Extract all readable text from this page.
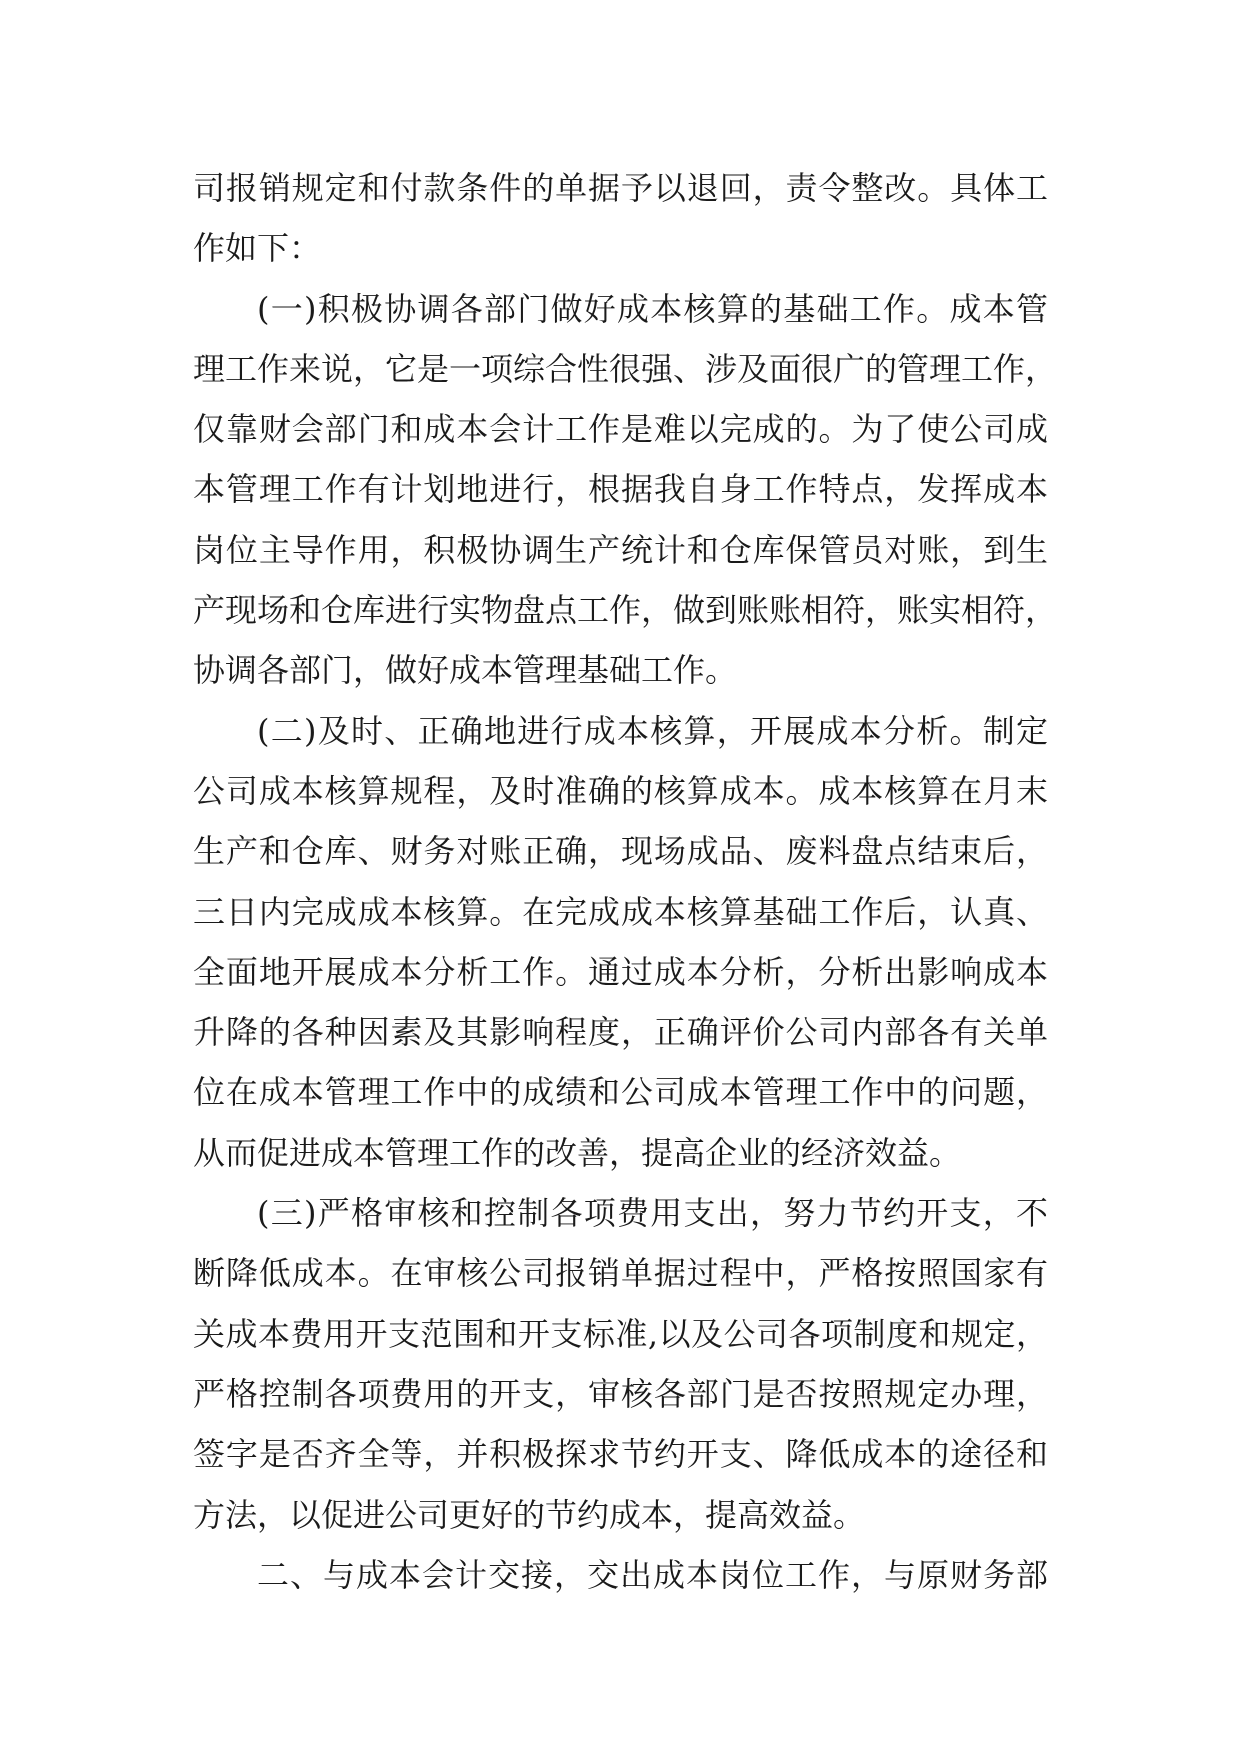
司报销规定和付款条件的单据予以退回，责令整改。具体工
作如下：
(一)积极协调各部门做好成本核算的基础工作。成本管
理工作来说，它是一项综合性很强、涉及面很广的管理工作，
仅靠财会部门和成本会计工作是难以完成的。为了使公司成
本管理工作有计划地进行，根据我自身工作特点，发挥成本
岗位主导作用，积极协调生产统计和仓库保管员对账，到生
产现场和仓库进行实物盘点工作，做到账账相符，账实相符，
协调各部门，做好成本管理基础工作。
(二)及时、正确地进行成本核算，开展成本分析。制定
公司成本核算规程，及时准确的核算成本。成本核算在月末
生产和仓库、财务对账正确，现场成品、废料盘点结束后，
三日内完成成本核算。在完成成本核算基础工作后，认真、
全面地开展成本分析工作。通过成本分析，分析出影响成本
升降的各种因素及其影响程度，正确评价公司内部各有关单
位在成本管理工作中的成绩和公司成本管理工作中的问题，
从而促进成本管理工作的改善，提高企业的经济效益。
(三)严格审核和控制各项费用支出，努力节约开支，不
断降低成本。在审核公司报销单据过程中，严格按照国家有
关成本费用开支范围和开支标准,以及公司各项制度和规定，
严格控制各项费用的开支，审核各部门是否按照规定办理，
签字是否齐全等，并积极探求节约开支、降低成本的途径和
方法，以促进公司更好的节约成本，提高效益。
二、与成本会计交接，交出成本岗位工作，与原财务部
